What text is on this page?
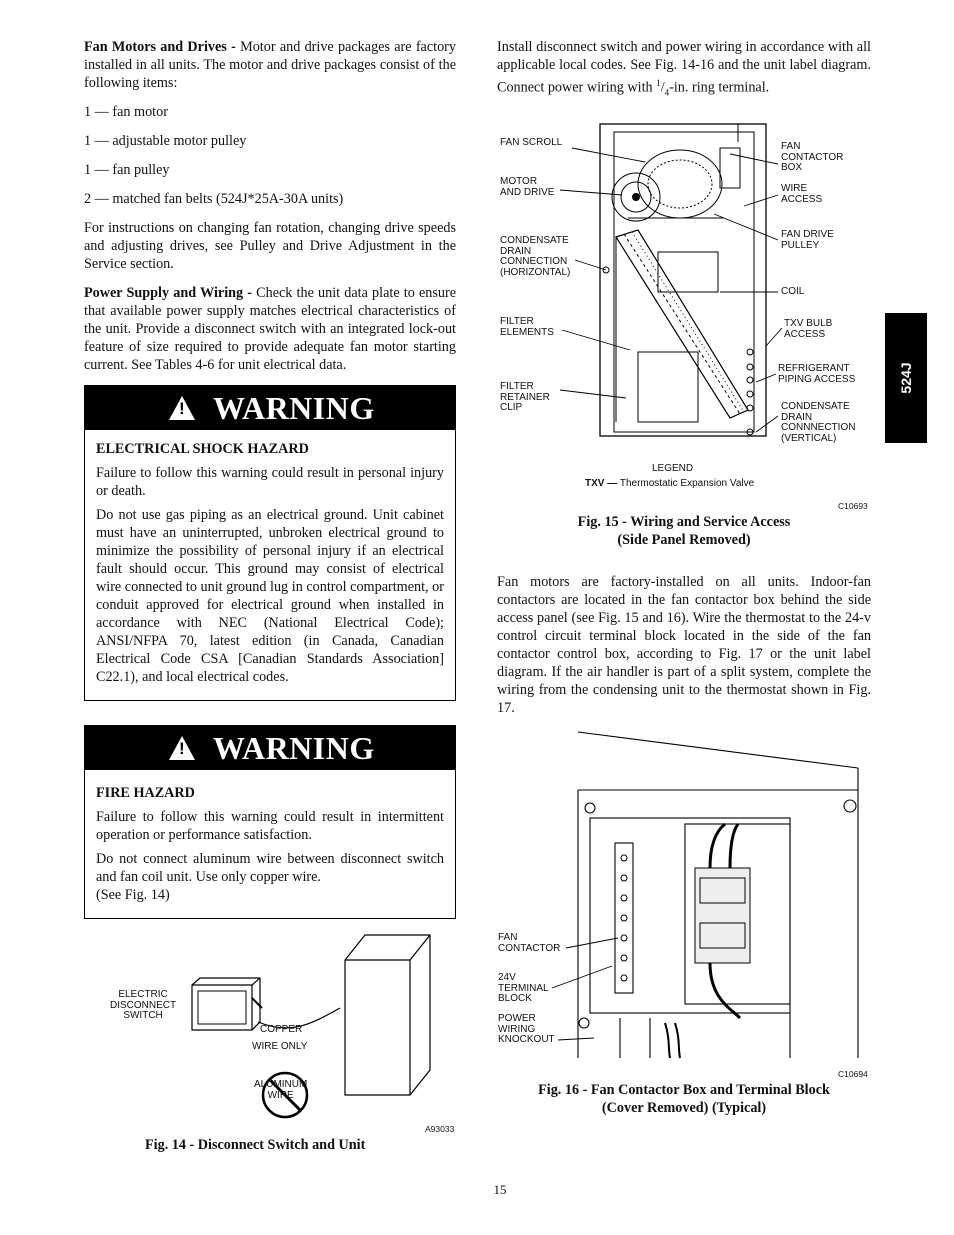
524J

Fan Motors and Drives - Motor and drive packages are factory installed in all units. The motor and drive packages consist of the following items:

1 — fan motor

1 — adjustable motor pulley

1 — fan pulley

2 — matched fan belts (524J*25A-30A units)

For instructions on changing fan rotation, changing drive speeds and adjusting drives, see Pulley and Drive Adjustment in the Service section.

Power Supply and Wiring - Check the unit data plate to ensure that available power supply matches electrical characteristics of the unit. Provide a disconnect switch with an integrated lock-out feature of size required to provide adequate fan motor starting current. See Tables 4-6 for unit electrical data.

! WARNING

ELECTRICAL SHOCK HAZARD

Failure to follow this warning could result in personal injury or death.

Do not use gas piping as an electrical ground. Unit cabinet must have an uninterrupted, unbroken electrical ground to minimize the possibility of personal injury if an electrical fault should occur. This ground may consist of electrical wire connected to unit ground lug in control compartment, or conduit approved for electrical ground when installed in accordance with NEC (National Electrical Code); ANSI/NFPA 70, latest edition (in Canada, Canadian Electrical Code CSA [Canadian Standards Association] C22.1), and local electrical codes.

! WARNING

FIRE HAZARD

Failure to follow this warning could result in intermittent operation or performance satisfaction.

Do not connect aluminum wire between disconnect switch and fan coil unit. Use only copper wire.

(See Fig. 14)

ELECTRIC
DISCONNECT
SWITCH
COPPER
WIRE ONLY
ALUMINUM
WIRE
A93033
Fig. 14 - Disconnect Switch and Unit

Install disconnect switch and power wiring in accordance with all applicable local codes. See Fig. 14-16 and the unit label diagram. Connect power wiring with $^1/_4-in$. ring terminal.

FAN SCROLL
MOTOR
AND DRIVE
CONDENSATE
DRAIN
CONNECTION
(HORIZONTAL)
FILTER
ELEMENTS
FILTER
RETAINER
CLIP
FAN
CONTACTOR
BOX
WIRE
ACCESS
FAN DRIVE
PULLEY
COIL
TXV BULB
ACCESS
REFRIGERANT
PIPING ACCESS
CONDENSATE
DRAIN
CONNNECTION
(VERTICAL)
LEGEND
TXV — Thermostatic Expansion Valve
C10693
Fig. 15 - Wiring and Service Access
(Side Panel Removed)

Fan motors are factory-installed on all units. Indoor-fan contactors are located in the fan contactor box behind the side access panel (see Fig. 15 and 16). Wire the thermostat to the 24-v control circuit terminal block located in the side of the fan contactor control box, according to Fig. 17 or the unit label diagram. If the air handler is part of a split system, complete the wiring from the condensing unit to the thermostat shown in Fig. 17.

FAN
CONTACTOR
24V
TERMINAL
BLOCK
POWER
WIRING
KNOCKOUT
C10694
Fig. 16 - Fan Contactor Box and Terminal Block
(Cover Removed) (Typical)
15
